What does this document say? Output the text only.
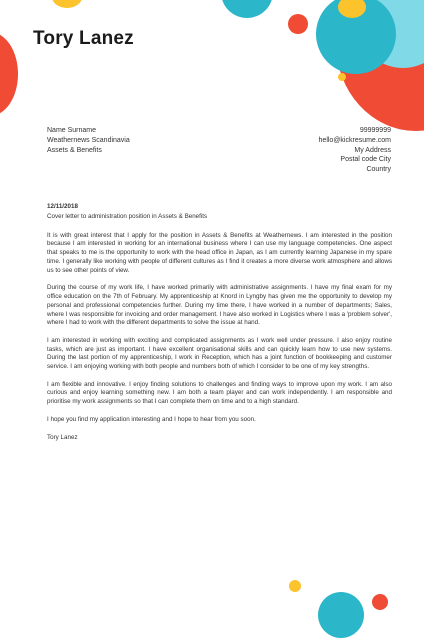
Tory Lanez
Name Surname
Weathernews Scandinavia
Assets & Benefits
99999999
hello@kickresume.com
My Address
Postal code City
Country
12/11/2018
Cover letter to administration position in Assets & Benefits

It is with great interest that I apply for the position in Assets & Benefits at Weathernews. I am interested in the position because I am interested in working for an international business where I can use my language competencies. One aspect that speaks to me is the opportunity to work with the head office in Japan, as I am currently learning Japanese in my spare time. I generally like working with people of different cultures as I find it creates a more diverse work atmosphere and allows us to see other points of view.

During the course of my work life, I have worked primarily with administrative assignments. I have my final exam for my office education on the 7th of February. My apprenticeship at Knord in Lyngby has given me the opportunity to develop my personal and professional competencies further. During my time there, I have worked in a number of departments; Sales, where I was responsible for invoicing and order management. I have also worked in Logistics where I was a 'problem solver', where I had to work with the different departments to solve the issue at hand.

I am interested in working with exciting and complicated assignments as I work well under pressure. I also enjoy routine tasks, which are just as important. I have excellent organisational skills and can quickly learn how to use new systems. During the last portion of my apprenticeship, I work in Reception, which has a joint function of bookkeeping and customer service. I am enjoying working with both people and numbers both of which I consider to be one of my key strengths.

I am flexible and innovative. I enjoy finding solutions to challenges and finding ways to improve upon my work. I am also curious and enjoy learning something new. I am both a team player and can work independently. I am responsible and prioritise my work assignments so that I can complete them on time and to a high standard.

I hope you find my application interesting and I hope to hear from you soon.

Tory Lanez
